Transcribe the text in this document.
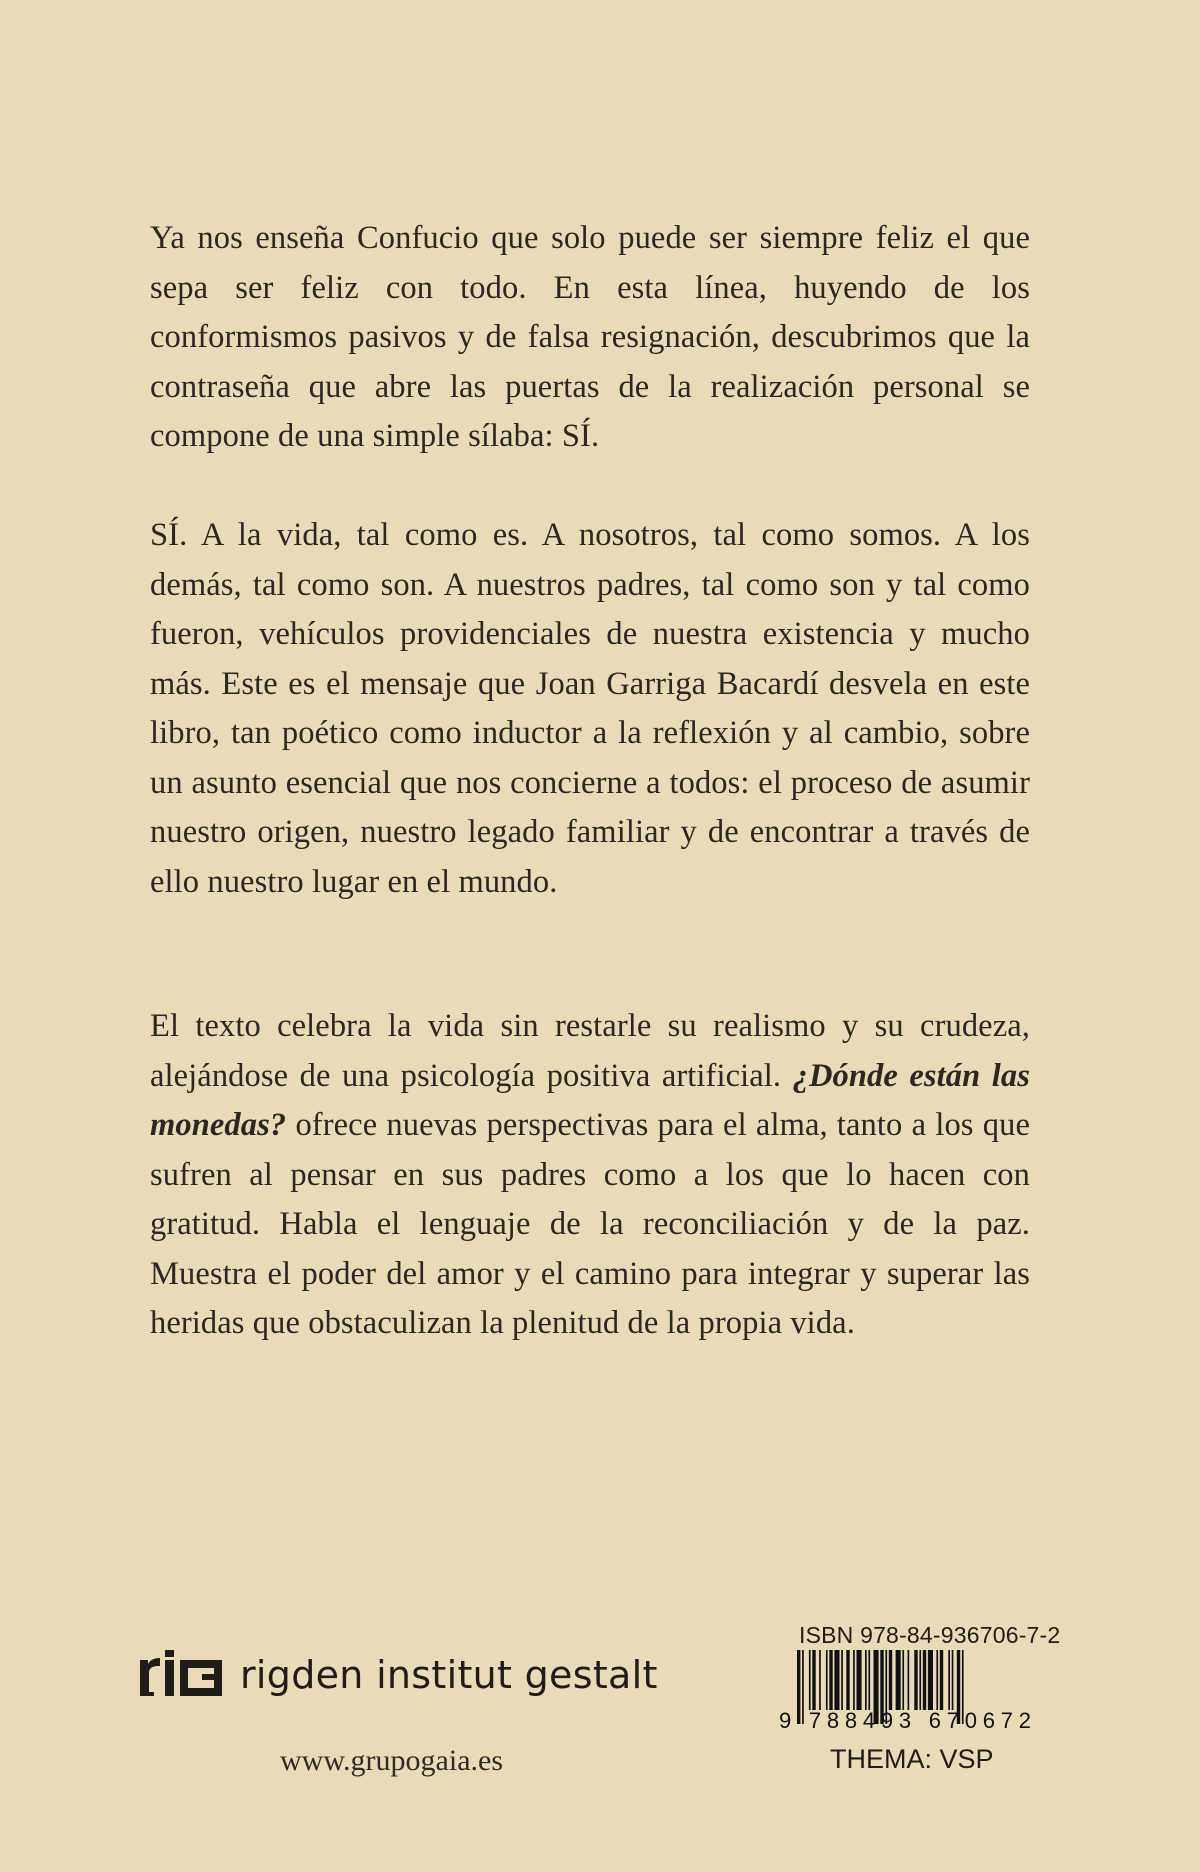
Ya nos enseña Confucio que solo puede ser siempre feliz el que sepa ser feliz con todo. En esta línea, huyendo de los conformismos pasivos y de falsa resignación, descubrimos que la contraseña que abre las puertas de la realización personal se compone de una simple sílaba: SÍ.

SÍ. A la vida, tal como es. A nosotros, tal como somos. A los demás, tal como son. A nuestros padres, tal como son y tal como fueron, vehículos providenciales de nuestra existencia y mucho más. Este es el mensaje que Joan Garriga Bacardí desvela en este libro, tan poético como inductor a la reflexión y al cambio, sobre un asunto esencial que nos concierne a todos: el proceso de asumir nuestro origen, nuestro legado familiar y de encontrar a través de ello nuestro lugar en el mundo.

El texto celebra la vida sin restarle su realismo y su crudeza, alejándose de una psicología positiva artificial. ¿Dónde están las monedas? ofrece nuevas perspectivas para el alma, tanto a los que sufren al pensar en sus padres como a los que lo hacen con gratitud. Habla el lenguaje de la reconciliación y de la paz. Muestra el poder del amor y el camino para integrar y superar las heridas que obstaculizan la plenitud de la propia vida.

rigden institut gestalt
www.grupogaia.es
ISBN 978-84-936706-7-2
9 788493 670672
THEMA: VSP
